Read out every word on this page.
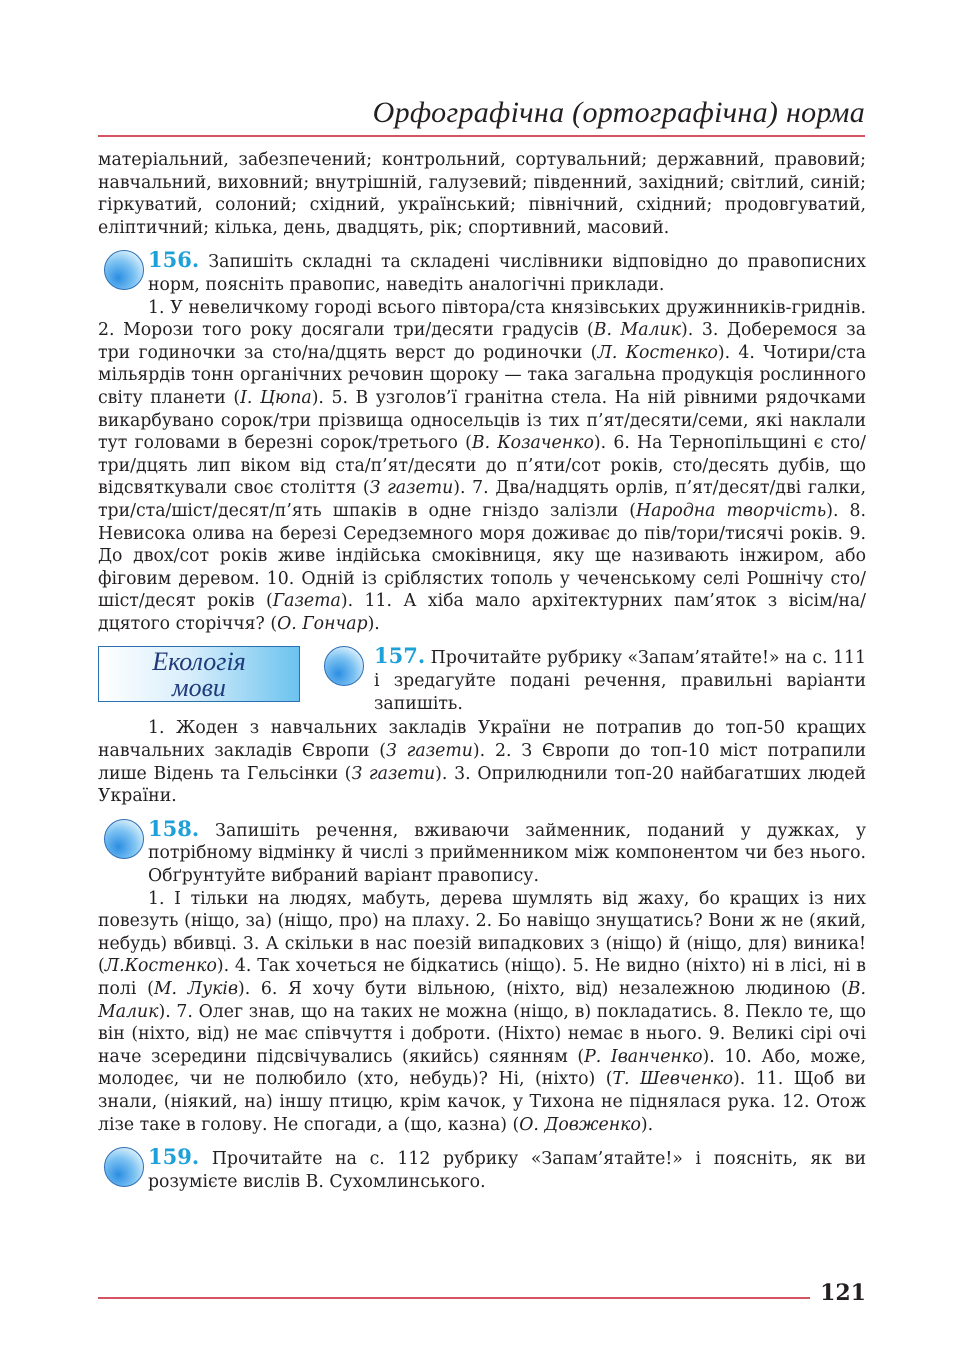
Орфографічна (ортографічна) норма

матеріальний, забезпечений; контрольний, сортувальний; державний, правовий; навчальний, виховний; внутрішній, галузевий; південний, західний; світлий, синій; гіркуватий, солоний; східний, український; північний, східний; продовгуватий, еліптичний; кількa, день, двадцять, рік; спортивний, масовий.

156. Запишіть складні та складені числівники відповідно до правописних норм, поясніть правопис, наведіть аналогічні приклади.

1. У невеличкому городі всього півтора/ста князівських дружинників-гриднів. 2. Морози того року досягали три/десяти градусів (В. Малик). 3. Доберемося за три годиночки за сто/на/дцять верст до родиночки (Л. Костенко). 4. Чотири/ста мільярдів тонн органічних речовин щороку — така загальна продукція рослинного світу планети (І. Цюпа). 5. В узголов’ї гранітна стела. На ній рівними рядочками викарбувано сорок/три прізвища односельців із тих п’ят/десяти/семи, які наклали тут головами в березні сорок/третього (В. Козаченко). 6. На Тернопільщині є сто/три/дцять лип віком від ста/п’ят/десяти до п’яти/сот років, сто/десять дубів, що відсвяткували своє століття (З газети). 7. Два/надцять орлів, п’ят/десят/дві галки, три/ста/шіст/десят/п’ять шпаків в одне гніздо залізли (Народна творчість). 8. Невисока олива на березі Середземного моря доживає до пів/тори/тисячі років. 9. До двох/сот років живе індійська смоківниця, яку ще називають інжиром, або фіговим деревом. 10. Одній із сріблястих тополь у чеченському селі Рошнічу сто/шіст/десят років (Газета). 11. А хіба мало архітектурних пам’яток з вісім/на/дцятого сторіччя? (О. Гончар).

Екологія
мови

157. Прочитайте рубрику «Запам’ятайте!» на с. 111 і зредагуйте подані речення, правильні варіанти запишіть.

1. Жоден з навчальних закладів України не потрапив до топ-50 кращих навчальних закладів Європи (З газети). 2. З Європи до топ-10 міст потрапили лише Відень та Гельсінки (З газети). 3. Оприлюднили топ-20 найбагатших людей України.

158. Запишіть речення, вживаючи займенник, поданий у дужках, у потрібному відмінку й числі з прийменником між компонентом чи без нього. Обґрунтуйте вибраний варіант правопису.

1. І тільки на людях, мабуть, дерева шумлять від жаху, бо кращих із них повезуть (ніщо, за) (ніщо, про) на плаху. 2. Бо навіщо знущатись? Вони ж не (який, небудь) вбивці. 3. А скільки в нас поезій випадкових з (ніщо) й (ніщо, для) виника! (Л.Костенко). 4. Так хочеться не бідкатись (ніщо). 5. Не видно (ніхто) ні в лісі, ні в полі (М. Луків). 6. Я хочу бути вільною, (ніхто, від) незалежною людиною (В. Малик). 7. Олег знав, що на таких не можна (ніщо, в) покладатись. 8. Пекло те, що він (ніхто, від) не має співчуття і доброти. (Ніхто) немає в нього. 9. Великі сірі очі наче зсередини підсвічувались (якийсь) сяянням (Р. Іванченко). 10. Або, може, молодеє, чи не полюбило (хто, небудь)? Ні, (ніхто) (Т. Шевченко). 11. Щоб ви знали, (ніякий, на) іншу птицю, крім качок, у Тихона не піднялася рука. 12. Отож лізе таке в голову. Не спогади, а (що, казна) (О. Довженко).

159. Прочитайте на с. 112 рубрику «Запам’ятайте!» і поясніть, як ви розумієте вислів В. Сухомлинського.

121
